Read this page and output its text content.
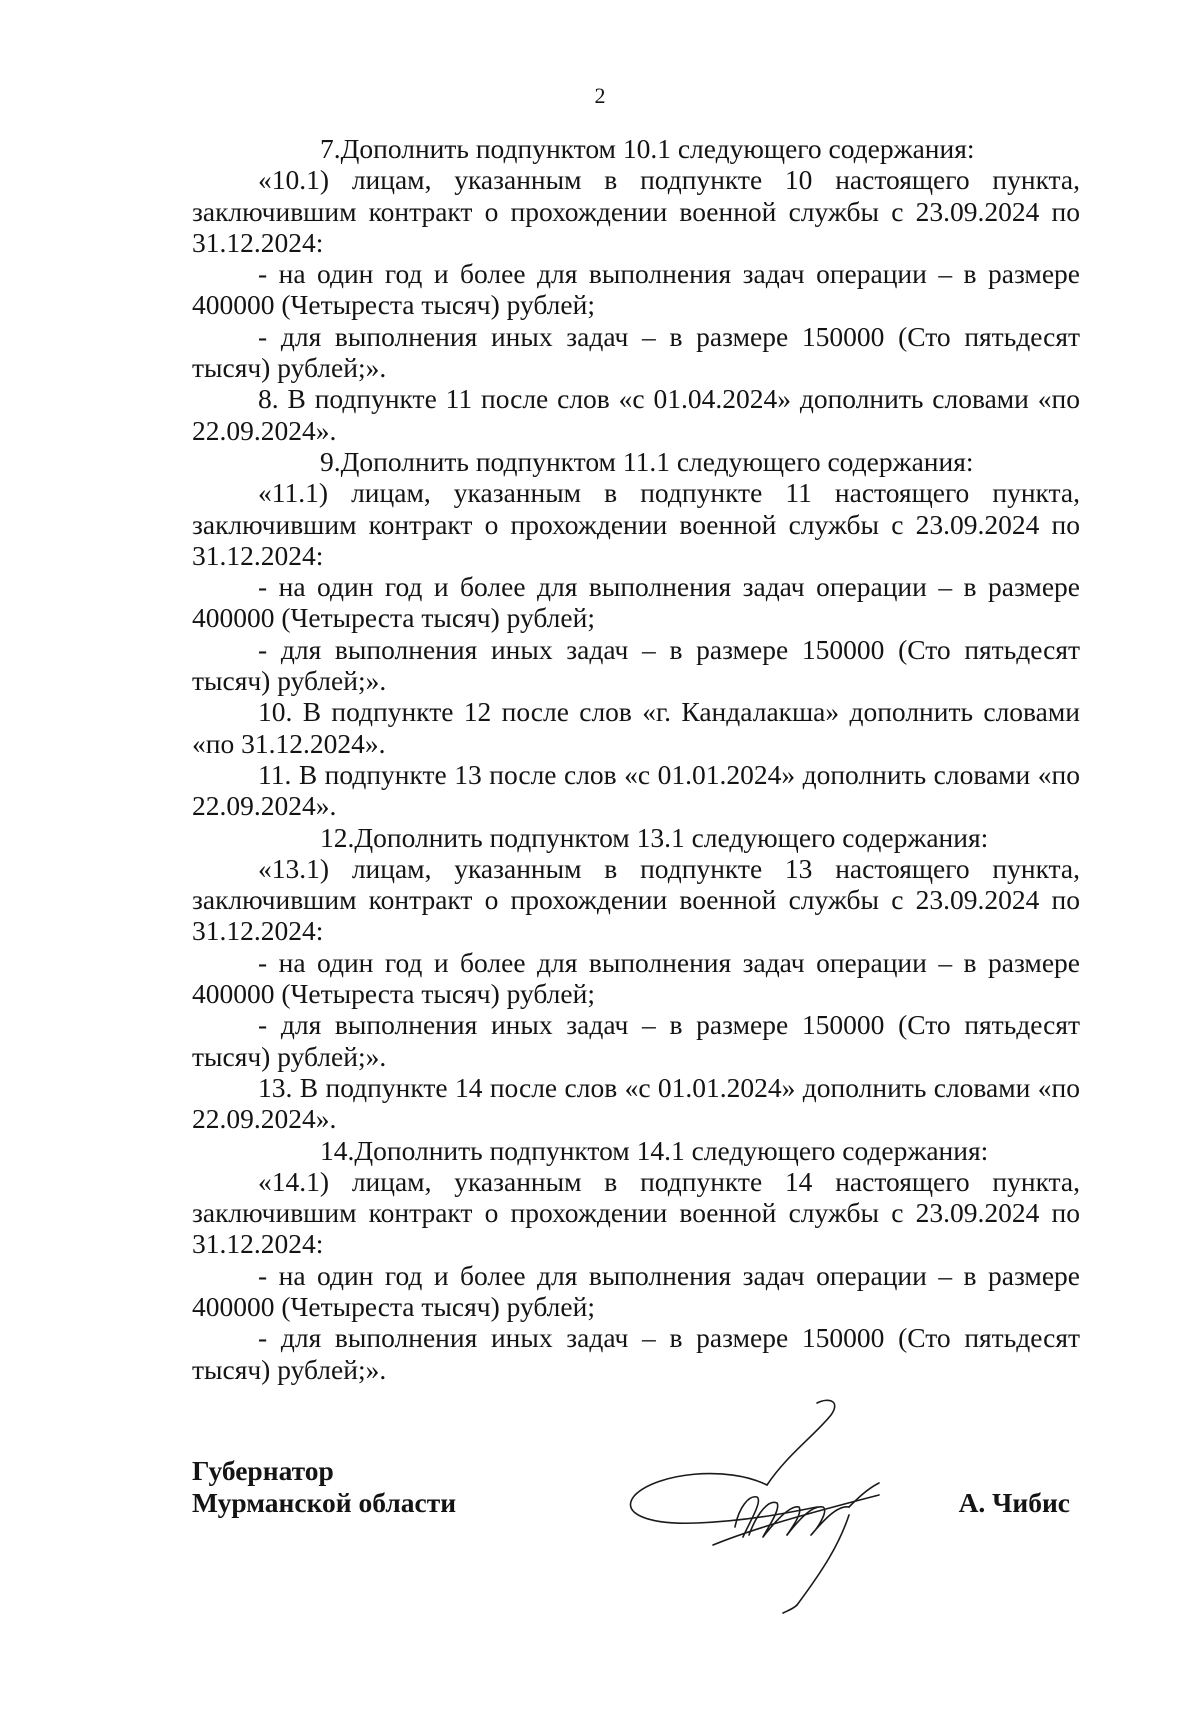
2

7.Дополнить подпунктом 10.1 следующего содержания:

«10.1) лицам, указанным в подпункте 10 настоящего пункта, заключившим контракт о прохождении военной службы с 23.09.2024 по 31.12.2024:

- на один год и более для выполнения задач операции – в размере 400000 (Четыреста тысяч) рублей;

- для выполнения иных задач – в размере 150000 (Сто пятьдесят тысяч) рублей;».

8. В подпункте 11 после слов «с 01.04.2024» дополнить словами «по 22.09.2024».

9.Дополнить подпунктом 11.1 следующего содержания:

«11.1) лицам, указанным в подпункте 11 настоящего пункта, заключившим контракт о прохождении военной службы с 23.09.2024 по 31.12.2024:

- на один год и более для выполнения задач операции – в размере 400000 (Четыреста тысяч) рублей;

- для выполнения иных задач – в размере 150000 (Сто пятьдесят тысяч) рублей;».

10. В подпункте 12 после слов «г. Кандалакша» дополнить словами «по 31.12.2024».

11. В подпункте 13 после слов «с 01.01.2024» дополнить словами «по 22.09.2024».

12.Дополнить подпунктом 13.1 следующего содержания:

«13.1) лицам, указанным в подпункте 13 настоящего пункта, заключившим контракт о прохождении военной службы с 23.09.2024 по 31.12.2024:

- на один год и более для выполнения задач операции – в размере 400000 (Четыреста тысяч) рублей;

- для выполнения иных задач – в размере 150000 (Сто пятьдесят тысяч) рублей;».

13. В подпункте 14 после слов «с 01.01.2024» дополнить словами «по 22.09.2024».

14.Дополнить подпунктом 14.1 следующего содержания:

«14.1) лицам, указанным в подпункте 14 настоящего пункта, заключившим контракт о прохождении военной службы с 23.09.2024 по 31.12.2024:

- на один год и более для выполнения задач операции – в размере 400000 (Четыреста тысяч) рублей;

- для выполнения иных задач – в размере 150000 (Сто пятьдесят тысяч) рублей;».

Губернатор
Мурманской области	А. Чибис
